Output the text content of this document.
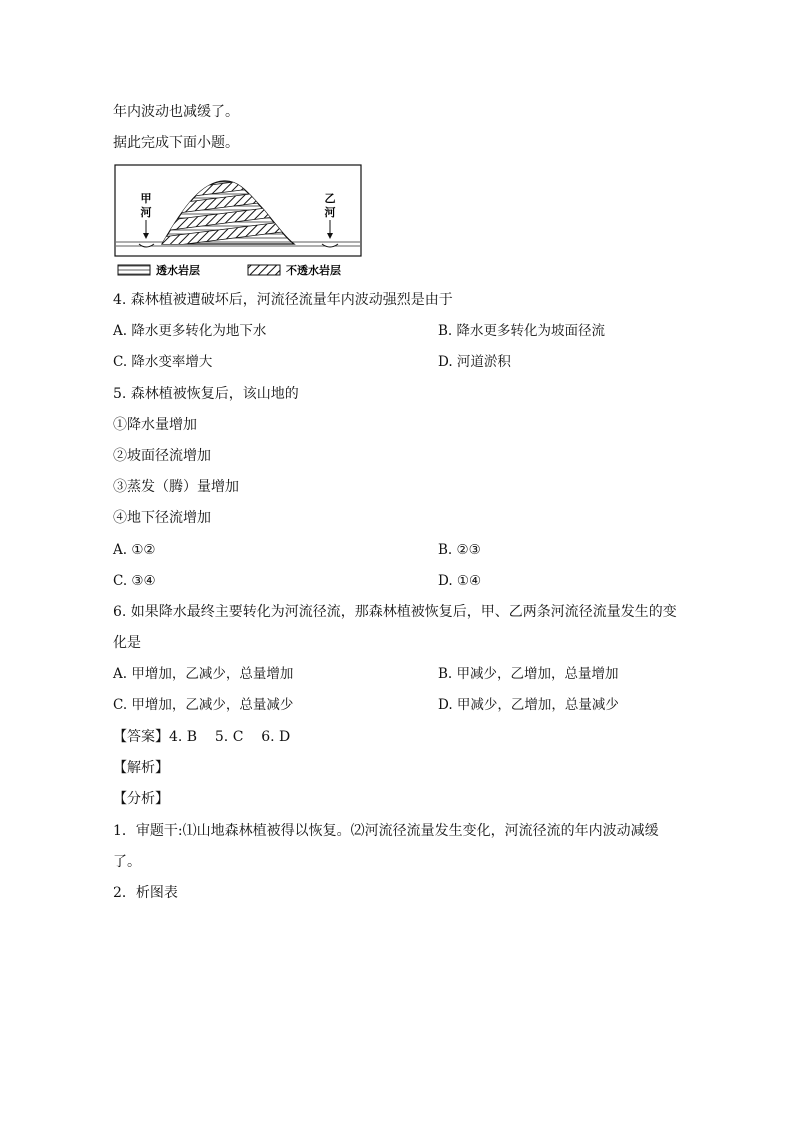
年内波动也减缓了。
据此完成下面小题。
甲
河
乙
河
透水岩层	不透水岩层
4. 森林植被遭破坏后，河流径流量年内波动强烈是由于
A. 降水更多转化为地下水	B. 降水更多转化为坡面径流
C. 降水变率增大	D. 河道淤积
5. 森林植被恢复后，该山地的
①降水量增加
②坡面径流增加
③蒸发（腾）量增加
④地下径流增加
A. ①②	B. ②③
C. ③④	D. ①④
6. 如果降水最终主要转化为河流径流，那森林植被恢复后，甲、乙两条河流径流量发生的变
化是
A. 甲增加，乙减少，总量增加	B. 甲减少，乙增加，总量增加
C. 甲增加，乙减少，总量减少	D. 甲减少，乙增加，总量减少
【答案】4. B    5. C    6. D
【解析】
【分析】
1．审题干:⑴山地森林植被得以恢复。⑵河流径流量发生变化，河流径流的年内波动减缓
了。
2．析图表
